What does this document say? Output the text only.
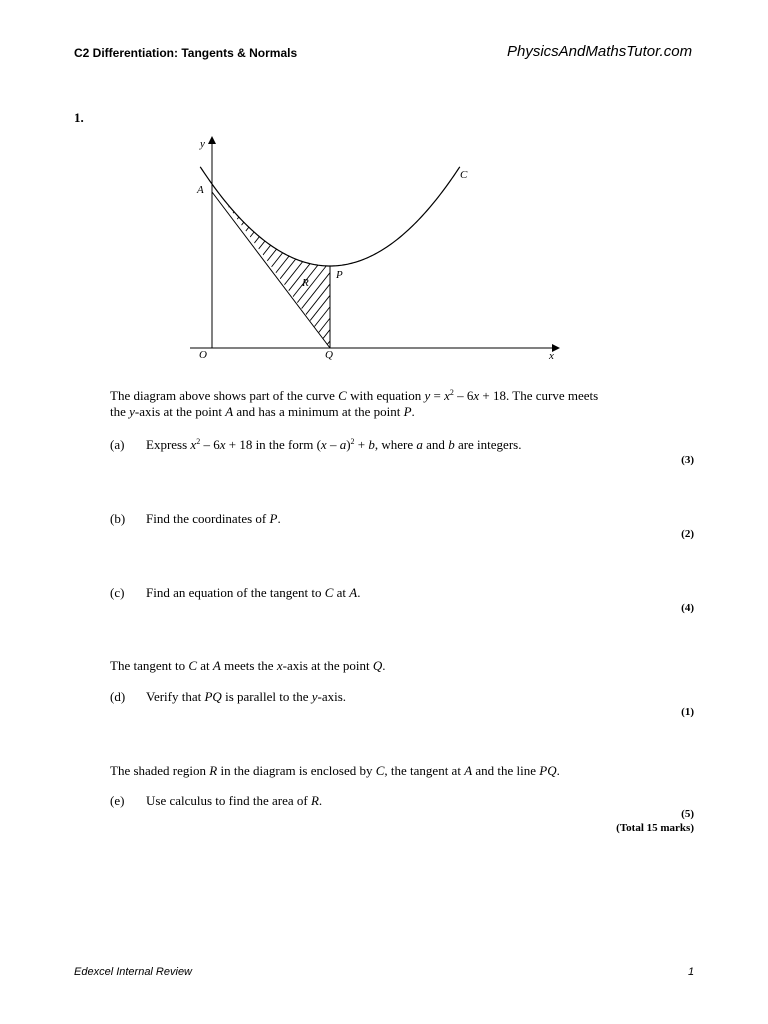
C2 Differentiation: Tangents & Normals	PhysicsAndMathsTutor.com
1.
y
x
O
A
P
Q
R
C
The diagram above shows part of the curve C with equation $y = x^2 - 6x + 18$. The curve meets
the y-axis at the point A and has a minimum at the point P.
(a) Express $x^2 - 6x + 18$ in the form (x – a)$^2$ + b, where a and b are integers.
(3)
(b) Find the coordinates of P.
(2)
(c) Find an equation of the tangent to C at A.
(4)
The tangent to C at A meets the x-axis at the point Q.
(d) Verify that PQ is parallel to the y-axis.
(1)
The shaded region R in the diagram is enclosed by C, the tangent at A and the line PQ.
(e) Use calculus to find the area of R.
(5)
(Total 15 marks)
Edexcel Internal Review	1
